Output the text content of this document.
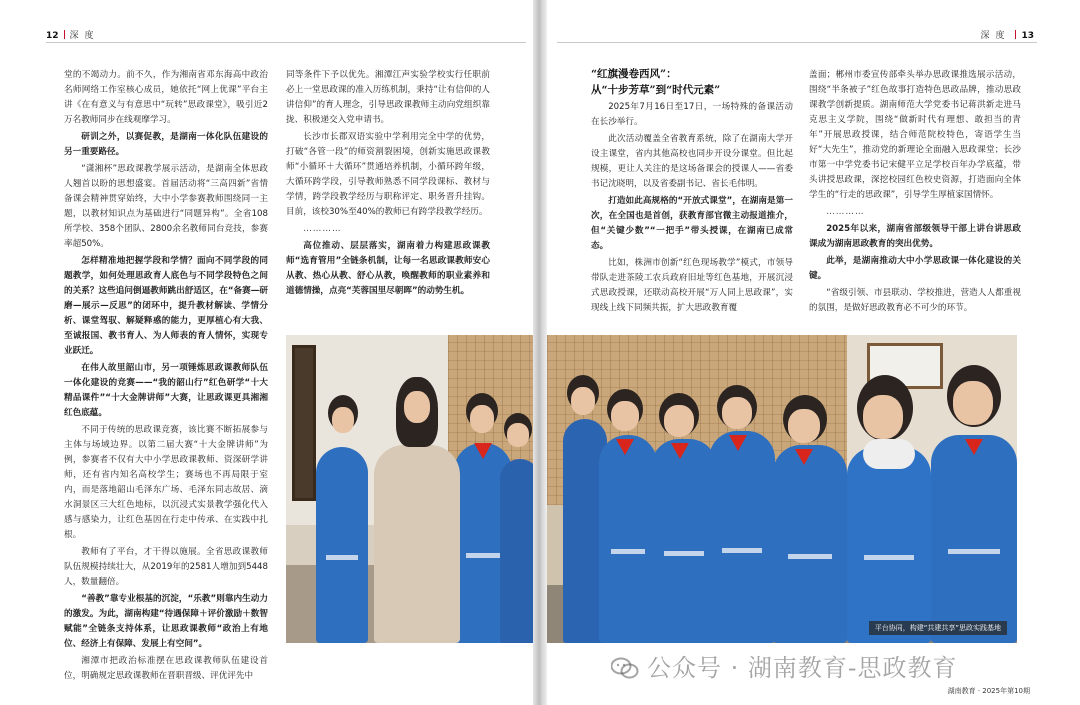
12 深度

堂的不竭动力。前不久，作为湘南省邓东海高中政治名师网络工作室核心成员，她依托“网上优课”平台主讲《在有意义与有意思中“玩转”思政课堂》，吸引近2万名教师同步在线观摩学习。

研训之外，以赛促教，是湖南一体化队伍建设的另一重要路径。

“潇湘杯”思政课教学展示活动，是湖南全体思政人翘首以盼的思想盛宴。首届活动将“三高四新”省情备课会精神贯穿始终，大中小学参赛教师围绕同一主题，以教材知识点为基础进行“同题异构”。全省108所学校、358个团队、2800余名教师同台竞技，参赛率超50%。

怎样精准地把握学段和学情？面向不同学段的同题教学，如何处理思政育人底色与不同学段特色之间的关系？这些追问倒逼教师跳出舒适区，在“备赛—研磨—展示—反思”的闭环中，提升教材解读、学情分析、课堂驾驭、解疑释惑的能力，更厚植心有大我、至诚报国、教书育人、为人师表的育人情怀，实现专业跃迁。

在伟人故里韶山市，另一项锤炼思政课教师队伍一体化建设的竞赛——“我的韶山行”红色研学“十大精品课件”“十大金牌讲师”大赛，让思政课更具湘湘红色底蕴。

不同于传统的思政课竞赛，该比赛不断拓展参与主体与场域边界。以第二届大赛“十大金牌讲师”为例，参赛者不仅有大中小学思政课教师、资深研学讲师，还有省内知名高校学生；赛场也不再局限于室内，而是落地韶山毛泽东广场、毛泽东同志故居、滴水洞景区三大红色地标，以沉浸式实景教学强化代入感与感染力，让红色基因在行走中传承、在实践中扎根。

教师有了平台，才干得以施展。全省思政课教师队伍规模持续壮大，从2019年的2581人增加到5448人，数量翻倍。

“善教”靠专业根基的沉淀，“乐教”则靠内生动力的激发。为此，湖南构建“待遇保障＋评价激励＋数智赋能”全链条支持体系，让思政课教师“政治上有地位、经济上有保障、发展上有空间”。

湘潭市把政治标准摆在思政课教师队伍建设首位，明确规定思政课教师在晋职晋级、评优评先中

同等条件下予以优先。湘潭江声实验学校实行任职前必上一堂思政课的准入历练机制，秉持“让有信仰的人讲信仰”的育人理念，引导思政课教师主动向党组织靠拢、积极递交入党申请书。

长沙市长郡双语实验中学利用完全中学的优势，打破“各管一段”的师资割裂困境，创新实施思政课教师“小循环＋大循环”贯通培养机制，小循环跨年级，大循环跨学段，引导教师熟悉不同学段课标、教材与学情，跨学段教学经历与职称评定、职务晋升挂钩。目前，该校30%至40%的教师已有跨学段教学经历。

…………

高位推动、层层落实，湖南着力构建思政课教师“选育管用”全链条机制，让每一名思政课教师安心从教、热心从教、舒心从教，唤醒教师的职业素养和道德情操，点亮“芙蓉国里尽朝晖”的动势生机。

深度 13

“红旗漫卷西风”：
从“十步芳草”到“时代元素”

2025年7月16日至17日，一场特殊的备课活动在长沙举行。

此次活动覆盖全省教育系统，除了在湖南大学开设主课堂，省内其他高校也同步开设分课堂。但比起规模，更让人关注的是这场备课会的授课人——省委书记沈晓明，以及省委副书记、省长毛伟明。

打造如此高规格的“开放式课堂”，在湖南是第一次，在全国也是首创，获教育部官微主动报道推介，但“关键少数”“一把手”带头授课，在湖南已成常态。

比如，株洲市创新“红色现场教学”模式，市领导带队走进茶陵工农兵政府旧址等红色基地，开展沉浸式思政授课，还联动高校开展“万人同上思政课”，实现线上线下同频共振，扩大思政教育覆

盖面；郴州市委宣传部牵头举办思政课推选展示活动，围绕“半条被子”红色故事打造特色思政品牌，推动思政课教学创新提质。湖南师范大学党委书记蒋洪新走进马克思主义学院，围绕“做新时代有理想、敢担当的青年”开展思政授课，结合师范院校特色，寄语学生当好“大先生”，推动党的新理论全面融入思政课堂；长沙市第一中学党委书记宋健平立足学校百年办学底蕴，带头讲授思政课，深挖校园红色校史资源，打造面向全体学生的“行走的思政课”，引导学生厚植家国情怀。

…………

2025年以来，湖南省部级领导干部上讲台讲思政课成为湖南思政教育的突出优势。

此举，是湖南推动大中小学思政课一体化建设的关键。

“省级引领、市县联动、学校推进，营造人人都重视的氛围，是做好思政教育必不可少的环节。

平台协同，构建“共建共享”思政实践基地
湖南教育 · 2025年第10期
公众号 · 湖南教育-思政教育
